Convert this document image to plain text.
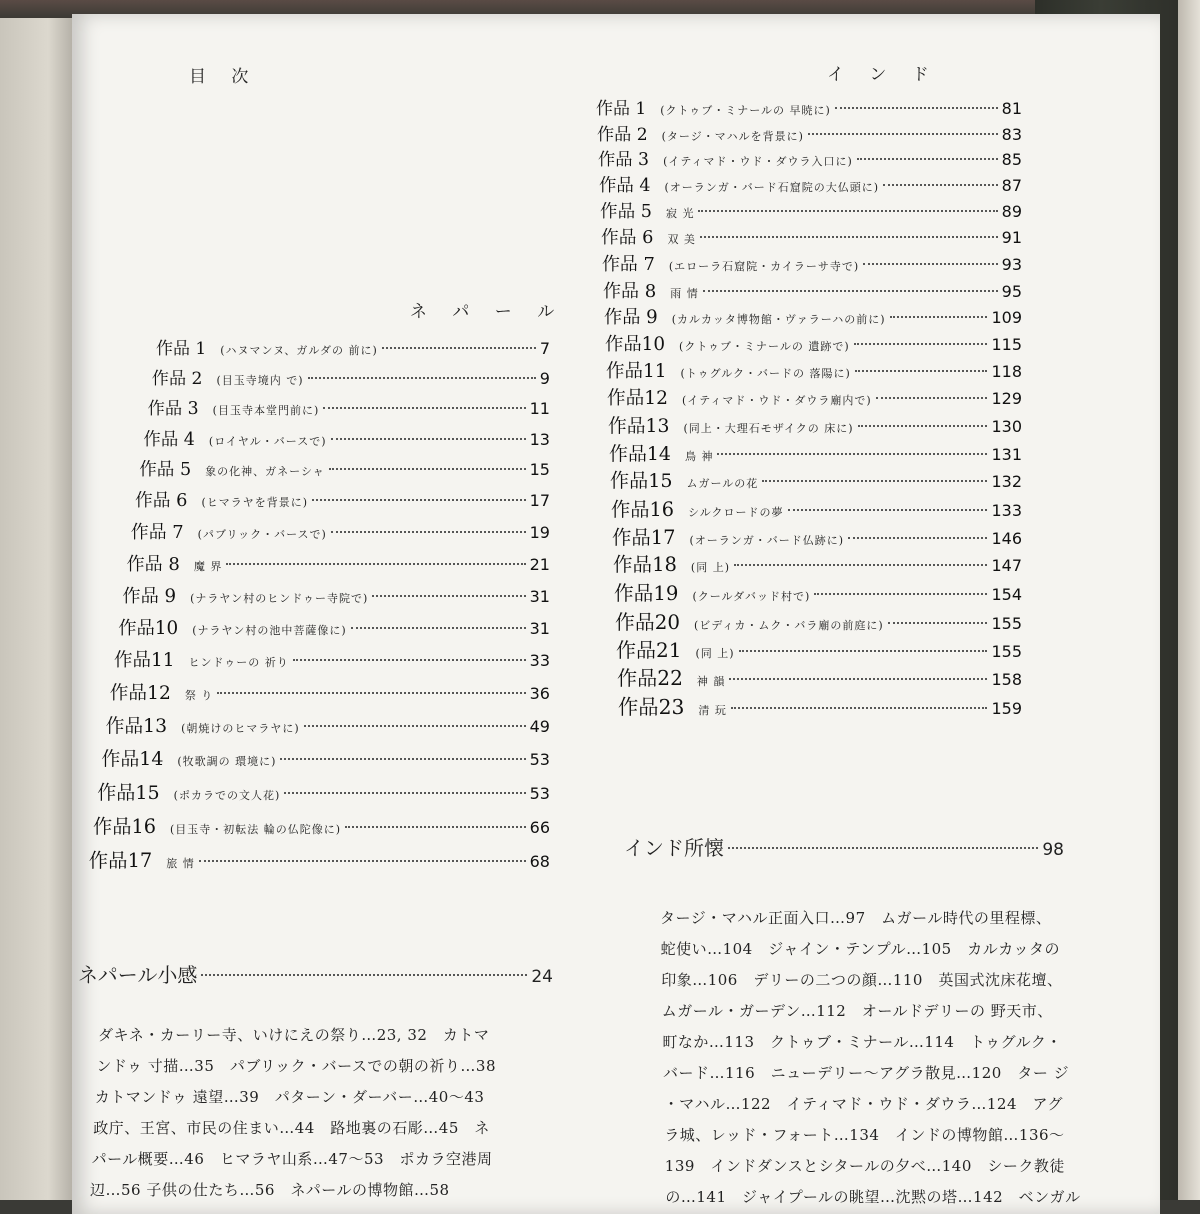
目 次	イ ン ド
ネ パ ー ル
作品 1 (ハヌマンヌ、ガルダの 前に)	7
作品 2 (目玉寺境内 で)	9
作品 3 (目玉寺本堂門前に)	11
作品 4 (ロイヤル・バースで)	13
作品 5 象の化神、ガネーシャ	15
作品 6 (ヒマラヤを背景に)	17
作品 7 (パブリック・バースで)	19
作品 8 魔 界	21
作品 9 (ナラヤン村のヒンドゥー寺院で)	31
作品10 (ナラヤン村の池中菩薩像に)	31
作品11 ヒンドゥーの 祈り	33
作品12 祭 り	36
作品13 (朝焼けのヒマラヤに)	49
作品14 (牧歌調の 環境に)	53
作品15 (ポカラでの文人花)	53
作品16 (目玉寺・初転法 輪の仏陀像に)	66
作品17 旅 情	68
作品 1 (クトゥブ・ミナールの 早暁に)	81
作品 2 (タージ・マハルを背景に)	83
作品 3 (イティマド・ウド・ダウラ入口に)	85
作品 4 (オーランガ・バード石窟院の大仏頭に)	87
作品 5 寂 光	89
作品 6 双 美	91
作品 7 (エローラ石窟院・カイラーサ寺で)	93
作品 8 雨 情	95
作品 9 (カルカッタ博物館・ヴァラーハの前に)	109
作品10 (クトゥブ・ミナールの 遺跡で)	115
作品11 (トゥグルク・バードの 落陽に)	118
作品12 (イティマド・ウド・ダウラ廟内で)	129
作品13 (同上・大理石モザイクの 床に)	130
作品14 鳥 神	131
作品15 ムガールの花	132
作品16 シルクロードの夢	133
作品17 (オーランガ・バード仏跡に)	146
作品18 (同 上)	147
作品19 (クールダバッド村で)	154
作品20 (ビディカ・ムク・バラ廟の前庭に)	155
作品21 (同 上)	155
作品22 神 韻	158
作品23 清 玩	159
ネパール小感	24
インド所懐	98
ダキネ・カーリー寺、いけにえの祭り…23, 32　カトマ
ンドゥ 寸描…35　パブリック・バースでの朝の祈り…38
カトマンドゥ 遠望…39　パターン・ダーバー…40〜43
政庁、王宮、市民の住まい…44　路地裏の石彫…45　ネ
パール概要…46　ヒマラヤ山系…47〜53　ポカラ空港周
辺…56 子供の仕たち…56　ネパールの博物館…58
タージ・マハル正面入口…97　ムガール時代の里程標、
蛇使い…104　ジャイン・テンプル…105　カルカッタの
印象…106　デリーの二つの顔…110　英国式沈床花壇、
ムガール・ガーデン…112　オールドデリーの 野天市、
町なか…113　クトゥブ・ミナール…114　トゥグルク・
バード…116　ニューデリー〜アグラ散見…120　ター ジ
・マハル…122　イティマド・ウド・ダウラ…124　アグ
ラ城、レッド・フォート…134　インドの博物館…136〜
139　インドダンスとシタールの夕べ…140　シーク教徒
の…141　ジャイプールの眺望…沈黙の塔…142　ベンガル
